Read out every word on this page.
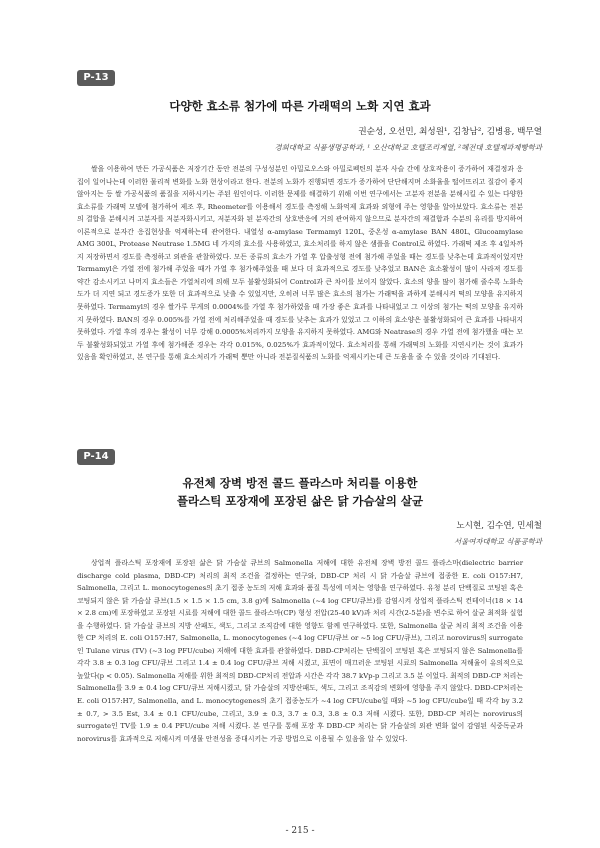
P-13
다양한 효소류 첨가에 따른 가래떡의 노화 지연 효과
권순성, 오선민, 최성원¹, 김창남², 김병용, 백무열
경희대학교 식품생명공학과, ¹ 오산대학교 호텔조리계열, ²혜전대 호텔제과제빵학과

쌀을 이용하여 만든 가공식품은 저장기간 동안 전분의 구성성분인 아밀로오스와 아밀로펙틴의 분자 사슬 간에 상호작용이 증가하여 재결정과 응집이 일어나는데 이러한 물리적 변화를 노화 현상이라고 한다. 전분의 노화가 진행되면 경도가 증가하여 단단해지며 소화율을 떨어뜨리고 질감이 좋지 않아지는 등 쌀 가공식품의 품질을 저하시키는 주된 원인이다. 이러한 문제를 해결하기 위해 이번 연구에서는 고분자 전분을 분해시킬 수 있는 다양한 효소류를 가래떡 모델에 첨가하여 제조 후, Rheometer를 이용해서 경도를 측정해 노화억제 효과와 외형에 주는 영향을 알아보았다. 효소류는 전분의 결합을 분해시켜 고분자를 저분자화시키고, 저분자화 된 분자간의 상호반응에 거의 관여하지 않으므로 분자간의 재결합과 수분의 유리를 방지하여 이론적으로 분자간 응집현상을 억제하는데 관여한다. 내열성 α-amylase Termamyl 120L, 중온성 α-amylase BAN 480L, Glucoamylase AMG 300L, Protease Neutrase 1.5MG 네 가지의 효소를 사용하였고, 효소처리를 하지 않은 샘플을 Control로 하였다. 가래떡 제조 후 4일차까지 저장하면서 경도를 측정하고 외관을 관찰하였다. 모든 종류의 효소가 가열 후 압출성형 전에 첨가해 주었을 때는 경도를 낮추는데 효과적이었지만 Termamyl은 가열 전에 첨가해 주었을 때가 가열 후 첨가해주었을 때 보다 더 효과적으로 경도를 낮추었고 BAN은 효소활성이 많이 사라져 경도를 약간 감소시키고 나머지 효소들은 가열처리에 의해 모두 불활성화되어 Control과 큰 차이를 보이지 않았다. 효소의 양을 많이 첨가해 줄수록 노화속도가 더 지연 되고 경도증가 또한 더 효과적으로 낮출 수 있었지만, 오히려 너무 많은 효소의 첨가는 가래떡을 과하게 분해시켜 떡의 모양을 유지하지 못하였다. Termamyl의 경우 쌀가루 무게의 0.0004%를 가열 후 첨가하였을 때 가장 좋은 효과를 나타내었고 그 이상의 첨가는 떡의 모양을 유지하지 못하였다. BAN의 경우 0.005%를 가열 전에 처리해주었을 때 경도를 낮추는 효과가 있었고 그 이하의 효소양은 불활성화되어 큰 효과를 나타내지 못하였다. 가열 후의 경우는 활성이 너무 강해 0.0005%처리까지 모양을 유지하지 못하였다. AMG와 Neatrase의 경우 가열 전에 첨가했을 때는 모두 불활성화되었고 가열 후에 첨가해준 경우는 각각 0.015%, 0.025%가 효과적이었다. 효소처리를 통해 가래떡의 노화를 지연시키는 것이 효과가 있음을 확인하였고, 본 연구를 통해 효소처리가 가래떡 뿐만 아니라 전분질식품의 노화를 억제시키는데 큰 도움을 줄 수 있을 것이라 기대된다.

P-14
유전체 장벽 방전 콜드 플라스마 처리를 이용한
플라스틱 포장재에 포장된 삶은 닭 가슴살의 살균
노시현, 김수연, 민세철
서울여자대학교 식품공학과

상업적 플라스틱 포장재에 포장된 삶은 닭 가슴살 큐브의 Salmonella 저해에 대한 유전체 장벽 방전 콜드 플라스마(dielectric barrier discharge cold plasma, DBD-CP) 처리의 최적 조건을 결정하는 연구와, DBD-CP 처리 시 닭 가슴살 큐브에 접종한 E. coli O157:H7, Salmonella, 그리고 L. monocytogenes의 초기 접종 농도의 저해 효과와 품질 특성에 미치는 영향을 연구하였다. 유청 분리 단백질로 코팅된 혹은 코팅되지 않은 닭 가슴살 큐브(1.5 × 1.5 × 1.5 cm, 3.8 g)에 Salmonella (~4 log CFU/큐브)를 감염시켜 상업적 플라스틱 컨테이너(18 × 14 × 2.8 cm)에 포장하였고 포장된 시료를 저해에 대한 콜드 플라스마(CP) 형성 전압(25-40 kV)과 처리 시간(2-5분)을 변수로 하여 살균 최적화 실험을 수행하였다. 닭 가슴살 큐브의 지방 산패도, 색도, 그리고 조직감에 대한 영향도 함께 연구하였다. 또한, Salmonella 살균 처리 최적 조건을 이용한 CP 처리의 E. coli O157:H7, Salmonella, L. monocytogenes (~4 log CFU/큐브 or ~5 log CFU/큐브), 그리고 norovirus의 surrogate인 Tulane virus (TV) (~3 log PFU/cube) 저해에 대한 효과를 관찰하였다. DBD-CP처리는 단백질이 코팅된 혹은 코팅되지 않은 Salmonella를 각각 3.8 ± 0.3 log CFU/큐브 그리고 1.4 ± 0.4 log CFU/큐브 저해 시켰고, 표면이 매끄러운 코팅된 시료의 Salmonella 저해율이 유의적으로 높았다(p < 0.05). Salmonella 저해를 위한 최적의 DBD-CP처리 전압과 시간은 각각 38.7 kVp-p 그리고 3.5 분 이었다. 최적의 DBD-CP 처리는 Salmonella를 3.9 ± 0.4 log CFU/큐브 저해시켰고, 닭 가슴살의 지방산패도, 색도, 그리고 조직감의 변화에 영향을 주지 않았다. DBD-CP처리는 E. coli O157:H7, Salmonella, and L. monocytogenes의 초기 접종농도가 ~4 log CFU/cube일 때와 ~5 log CFU/cube일 때 각각 by 3.2 ± 0.7, > 3.5 Est, 3.4 ± 0.1 CFU/cube, 그리고, 3.9 ± 0.3, 3.7 ± 0.3, 3.8 ± 0.3 저해 시켰다. 또한, DBD-CP 처리는 norovirus의 surrogate인 TV를 1.9 ± 0.4 PFU/cube 저해 시켰다. 본 연구를 통해 포장 후 DBD-CP 처리는 닭 가슴살의 외관 변화 없이 감염된 식중독균과 norovirus를 효과적으로 저해시켜 미생물 안전성을 증대시키는 가공 방법으로 이용될 수 있음을 알 수 있었다.

- 215 -
